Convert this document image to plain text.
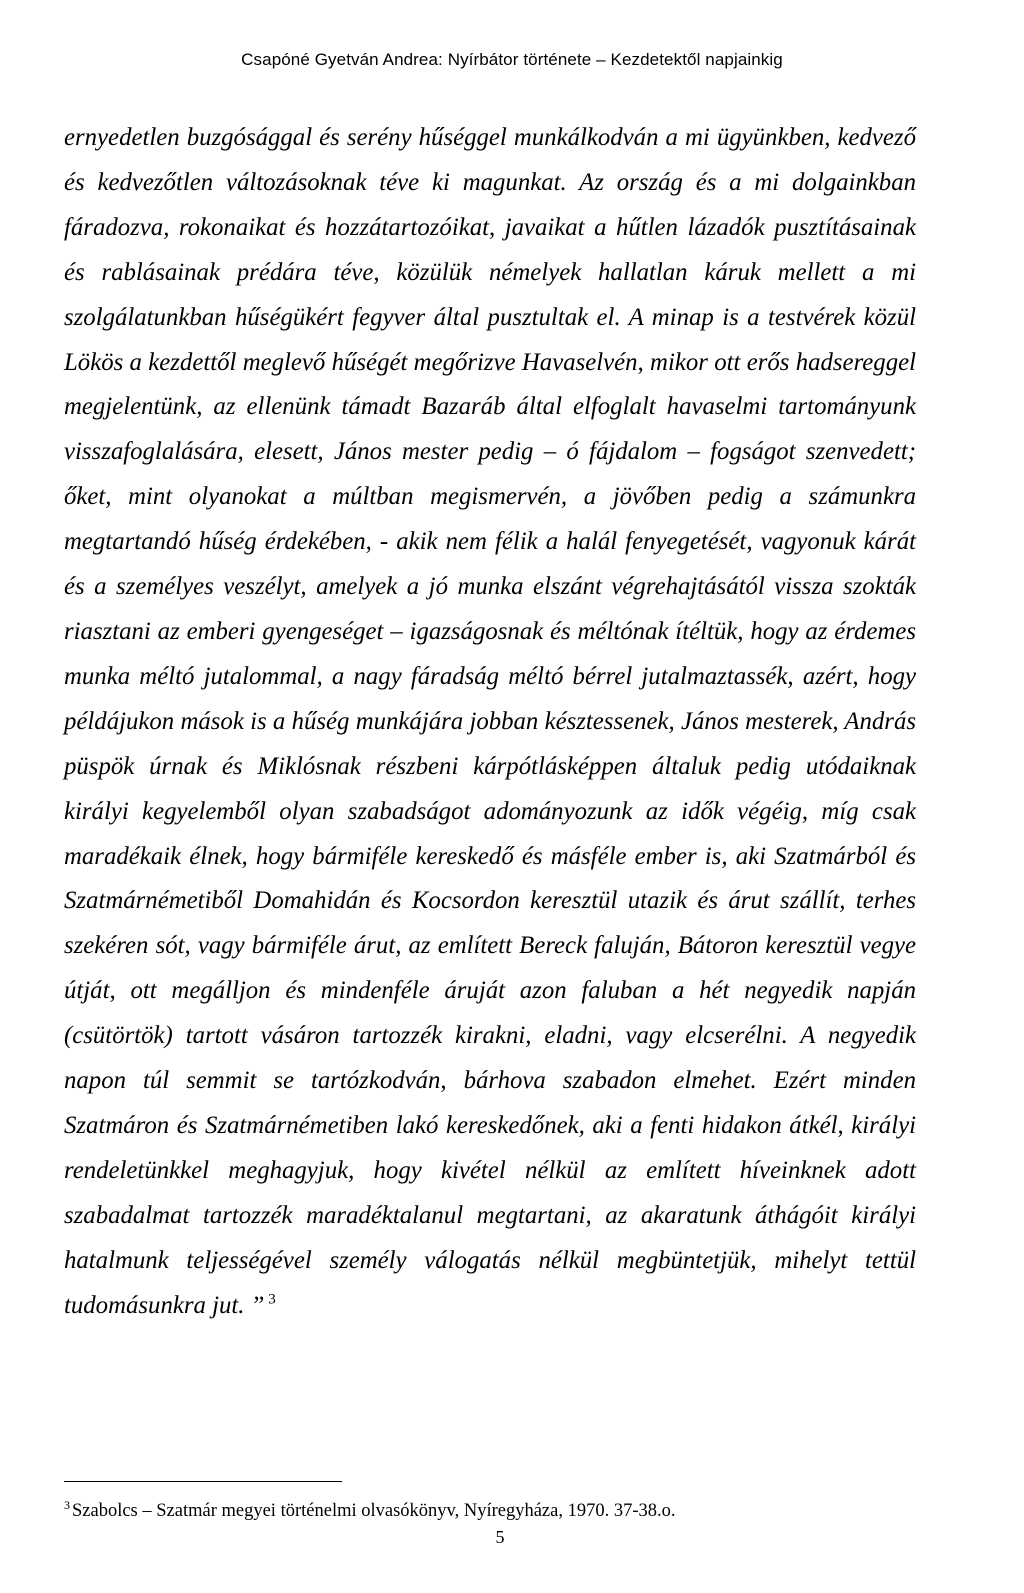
Csapóné Gyetván Andrea: Nyírbátor története – Kezdetektől napjainkig

ernyedetlen buzgósággal és serény hűséggel munkálkodván a mi ügyünkben, kedvező és kedvezőtlen változásoknak téve ki magunkat. Az ország és a mi dolgainkban fáradozva, rokonaikat és hozzátartozóikat, javaikat a hűtlen lázadók pusztításainak és rablásainak prédára téve, közülük némelyek hallatlan káruk mellett a mi szolgálatunkban hűségükért fegyver által pusztultak el. A minap is a testvérek közül Lökös a kezdettől meglevő hűségét megőrizve Havaselvén, mikor ott erős hadsereggel megjelentünk, az ellenünk támadt Bazaráb által elfoglalt havaselmi tartományunk visszafoglalására, elesett, János mester pedig – ó fájdalom – fogságot szenvedett; őket, mint olyanokat a múltban megismervén, a jövőben pedig a számunkra megtartandó hűség érdekében, - akik nem félik a halál fenyegetését, vagyonuk kárát és a személyes veszélyt, amelyek a jó munka elszánt végrehajtásától vissza szokták riasztani az emberi gyengeséget – igazságosnak és méltónak ítéltük, hogy az érdemes munka méltó jutalommal, a nagy fáradság méltó bérrel jutalmaztassék, azért, hogy példájukon mások is a hűség munkájára jobban késztessenek, János mesterek, András püspök úrnak és Miklósnak részbeni kárpótlásképpen általuk pedig utódaiknak királyi kegyelemből olyan szabadságot adományozunk az idők végéig, míg csak maradékaik élnek, hogy bármiféle kereskedő és másféle ember is, aki Szatmárból és Szatmárnémetiből Domahidán és Kocsordon keresztül utazik és árut szállít, terhes szekéren sót, vagy bármiféle árut, az említett Bereck faluján, Bátoron keresztül vegye útját, ott megálljon és mindenféle áruját azon faluban a hét negyedik napján (csütörtök) tartott vásáron tartozzék kirakni, eladni, vagy elcserélni. A negyedik napon túl semmit se tartózkodván, bárhova szabadon elmehet. Ezért minden Szatmáron és Szatmárnémetiben lakó kereskedőnek, aki a fenti hidakon átkél, királyi rendeletünkkel meghagyjuk, hogy kivétel nélkül az említett híveinknek adott szabadalmat tartozzék maradéktalanul megtartani, az akaratunk áthágóit királyi hatalmunk teljességével személy válogatás nélkül megbüntetjük, mihelyt tettül tudomásunkra jut. ” $^3$

$^3$ Szabolcs – Szatmár megyei történelmi olvasókönyv, Nyíregyháza, 1970. 37-38.o.

5
